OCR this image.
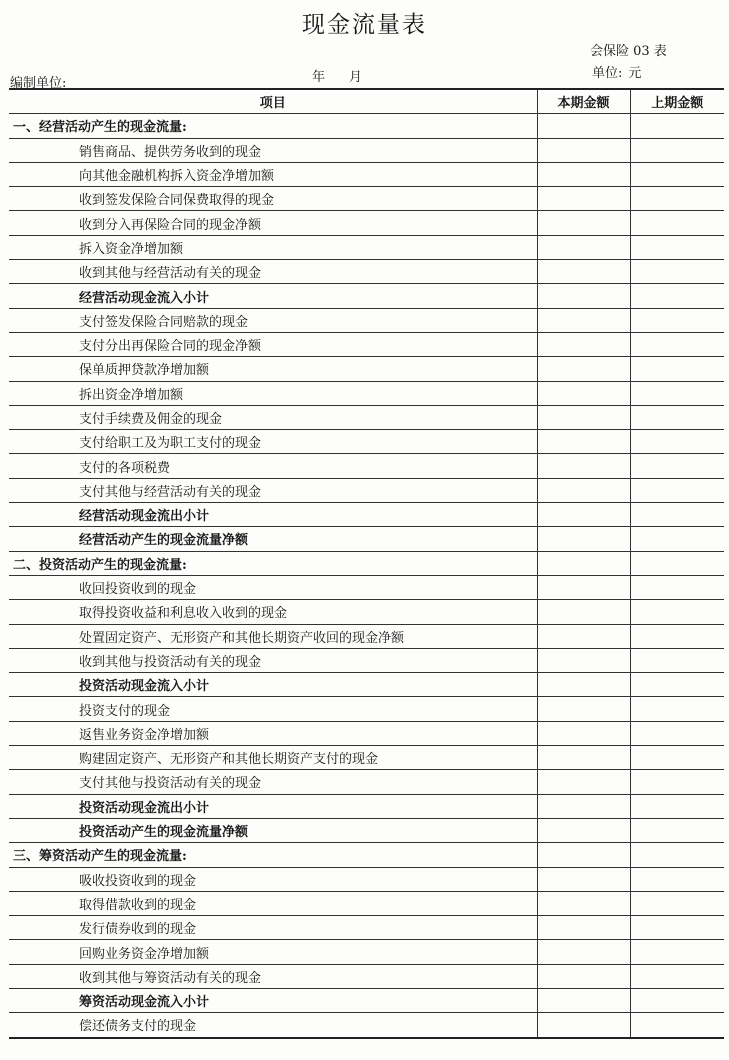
现金流量表
会保险 03 表
单位: 元
编制单位:	年 月
项目	本期金额	上期金额
一、经营活动产生的现金流量:		
销售商品、提供劳务收到的现金		
向其他金融机构拆入资金净增加额		
收到签发保险合同保费取得的现金		
收到分入再保险合同的现金净额		
拆入资金净增加额		
收到其他与经营活动有关的现金		
经营活动现金流入小计		
支付签发保险合同赔款的现金		
支付分出再保险合同的现金净额		
保单质押贷款净增加额		
拆出资金净增加额		
支付手续费及佣金的现金		
支付给职工及为职工支付的现金		
支付的各项税费		
支付其他与经营活动有关的现金		
经营活动现金流出小计		
经营活动产生的现金流量净额		
二、投资活动产生的现金流量:		
收回投资收到的现金		
取得投资收益和利息收入收到的现金		
处置固定资产、无形资产和其他长期资产收回的现金净额		
收到其他与投资活动有关的现金		
投资活动现金流入小计		
投资支付的现金		
返售业务资金净增加额		
购建固定资产、无形资产和其他长期资产支付的现金		
支付其他与投资活动有关的现金		
投资活动现金流出小计		
投资活动产生的现金流量净额		
三、筹资活动产生的现金流量:		
吸收投资收到的现金		
取得借款收到的现金		
发行债券收到的现金		
回购业务资金净增加额		
收到其他与筹资活动有关的现金		
筹资活动现金流入小计		
偿还债务支付的现金		
